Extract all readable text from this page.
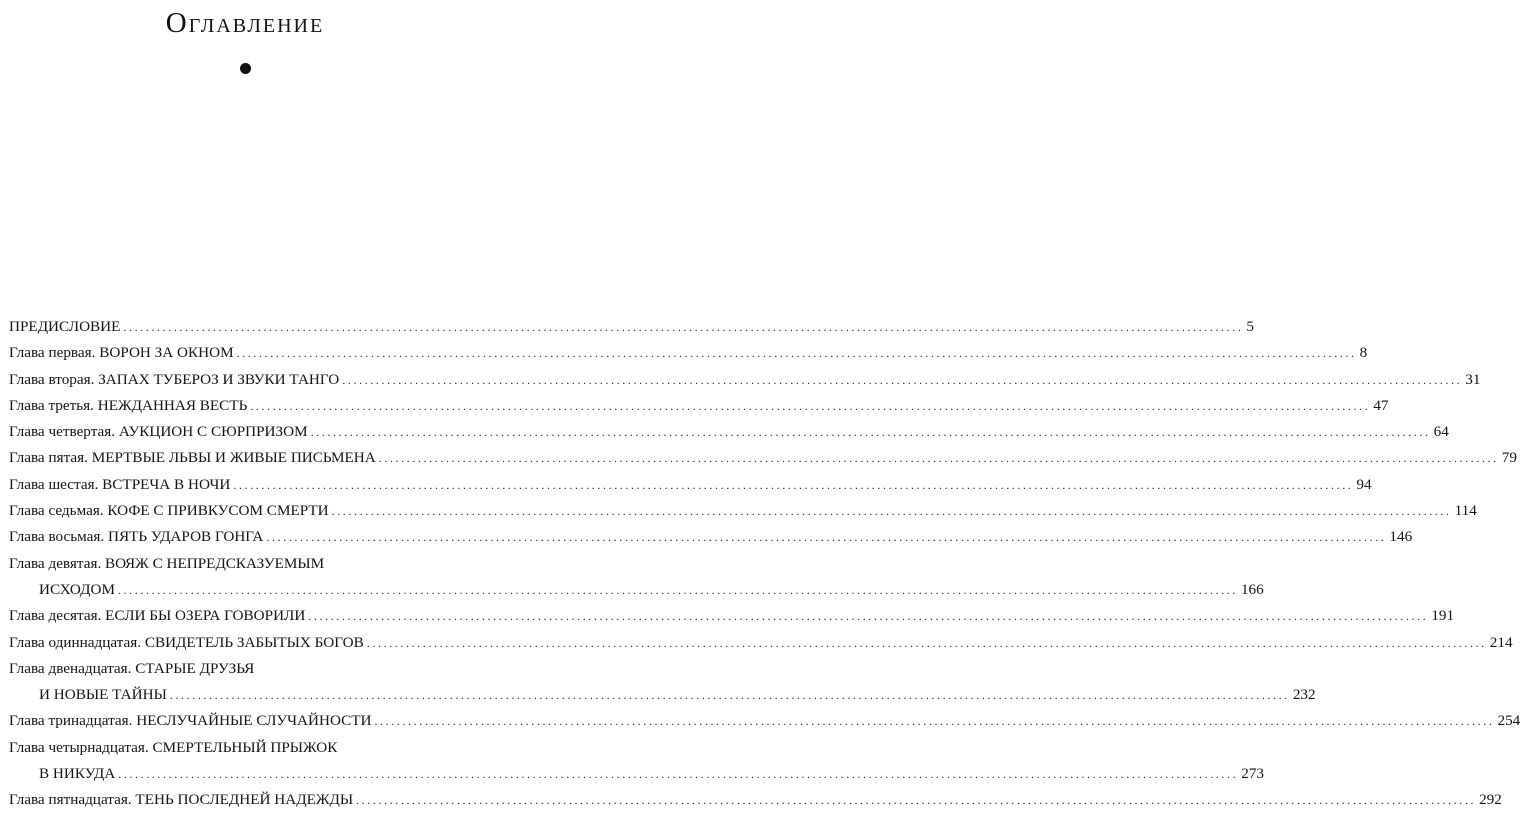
Оглавление
ПРЕДИСЛОВИЕ ........................................................................................................................................................................................................ 5
Глава первая. ВОРОН ЗА ОКНОМ ........................................................................................................................................................................................................ 8
Глава вторая. ЗАПАХ ТУБЕРОЗ И ЗВУКИ ТАНГО ........................................................................................................................................................................................................ 31
Глава третья. НЕЖДАННАЯ ВЕСТЬ ........................................................................................................................................................................................................ 47
Глава четвертая. АУКЦИОН С СЮРПРИЗОМ ........................................................................................................................................................................................................ 64
Глава пятая. МЕРТВЫЕ ЛЬВЫ И ЖИВЫЕ ПИСЬМЕНА ........................................................................................................................................................................................................ 79
Глава шестая. ВСТРЕЧА В НОЧИ ........................................................................................................................................................................................................ 94
Глава седьмая. КОФЕ С ПРИВКУСОМ СМЕРТИ ........................................................................................................................................................................................................ 114
Глава восьмая. ПЯТЬ УДАРОВ ГОНГА ........................................................................................................................................................................................................ 146
Глава девятая. ВОЯЖ С НЕПРЕДСКАЗУЕМЫМ
ИСХОДОМ ........................................................................................................................................................................................................ 166
Глава десятая. ЕСЛИ БЫ ОЗЕРА ГОВОРИЛИ ........................................................................................................................................................................................................ 191
Глава одиннадцатая. СВИДЕТЕЛЬ ЗАБЫТЫХ БОГОВ ........................................................................................................................................................................................................ 214
Глава двенадцатая. СТАРЫЕ ДРУЗЬЯ
И НОВЫЕ ТАЙНЫ ........................................................................................................................................................................................................ 232
Глава тринадцатая. НЕСЛУЧАЙНЫЕ СЛУЧАЙНОСТИ ........................................................................................................................................................................................................ 254
Глава четырнадцатая. СМЕРТЕЛЬНЫЙ ПРЫЖОК
В НИКУДА ........................................................................................................................................................................................................ 273
Глава пятнадцатая. ТЕНЬ ПОСЛЕДНЕЙ НАДЕЖДЫ ........................................................................................................................................................................................................ 292
